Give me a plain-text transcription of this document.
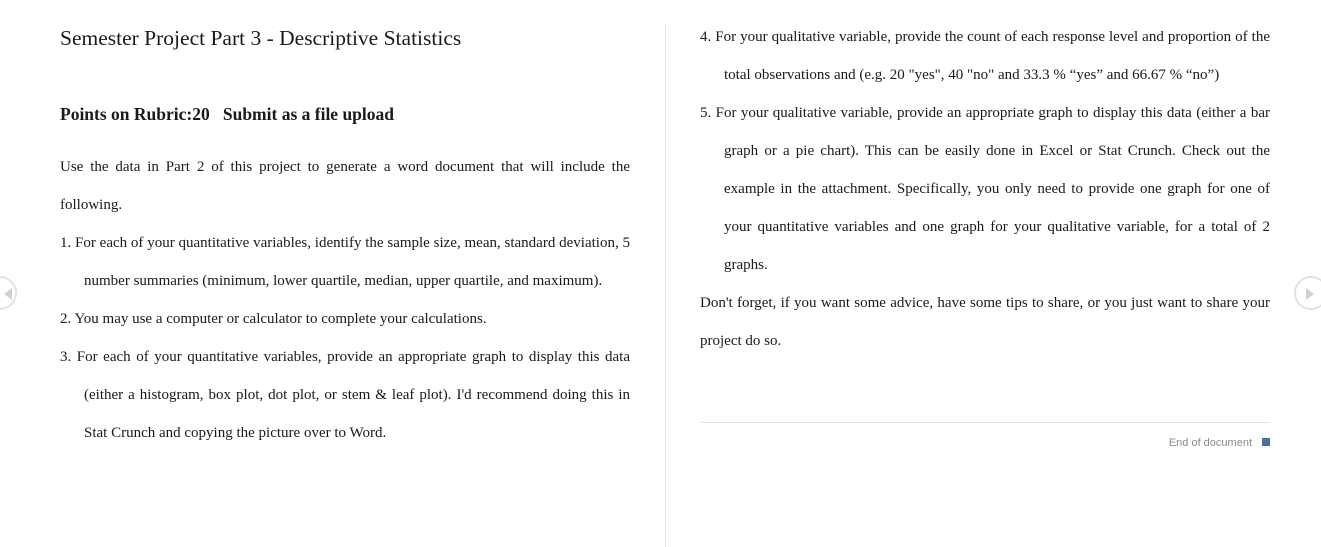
Semester Project Part 3 - Descriptive Statistics

Points on Rubric:20   Submit as a file upload

Use the data in Part 2 of this project to generate a word document that will include the following.

1. For each of your quantitative variables, identify the sample size, mean, standard deviation, 5 number summaries (minimum, lower quartile, median, upper quartile, and maximum).

2. You may use a computer or calculator to complete your calculations.

3. For each of your quantitative variables, provide an appropriate graph to display this data (either a histogram, box plot, dot plot, or stem & leaf plot). I'd recommend doing this in Stat Crunch and copying the picture over to Word.

4. For your qualitative variable, provide the count of each response level and proportion of the total observations and (e.g. 20 "yes", 40 "no" and 33.3 % “yes” and 66.67 % “no”)

5. For your qualitative variable, provide an appropriate graph to display this data (either a bar graph or a pie chart). This can be easily done in Excel or Stat Crunch. Check out the example in the attachment. Specifically, you only need to provide one graph for one of your quantitative variables and one graph for your qualitative variable, for a total of 2 graphs.

Don't forget, if you want some advice, have some tips to share, or you just want to share your project do so.

End of document
